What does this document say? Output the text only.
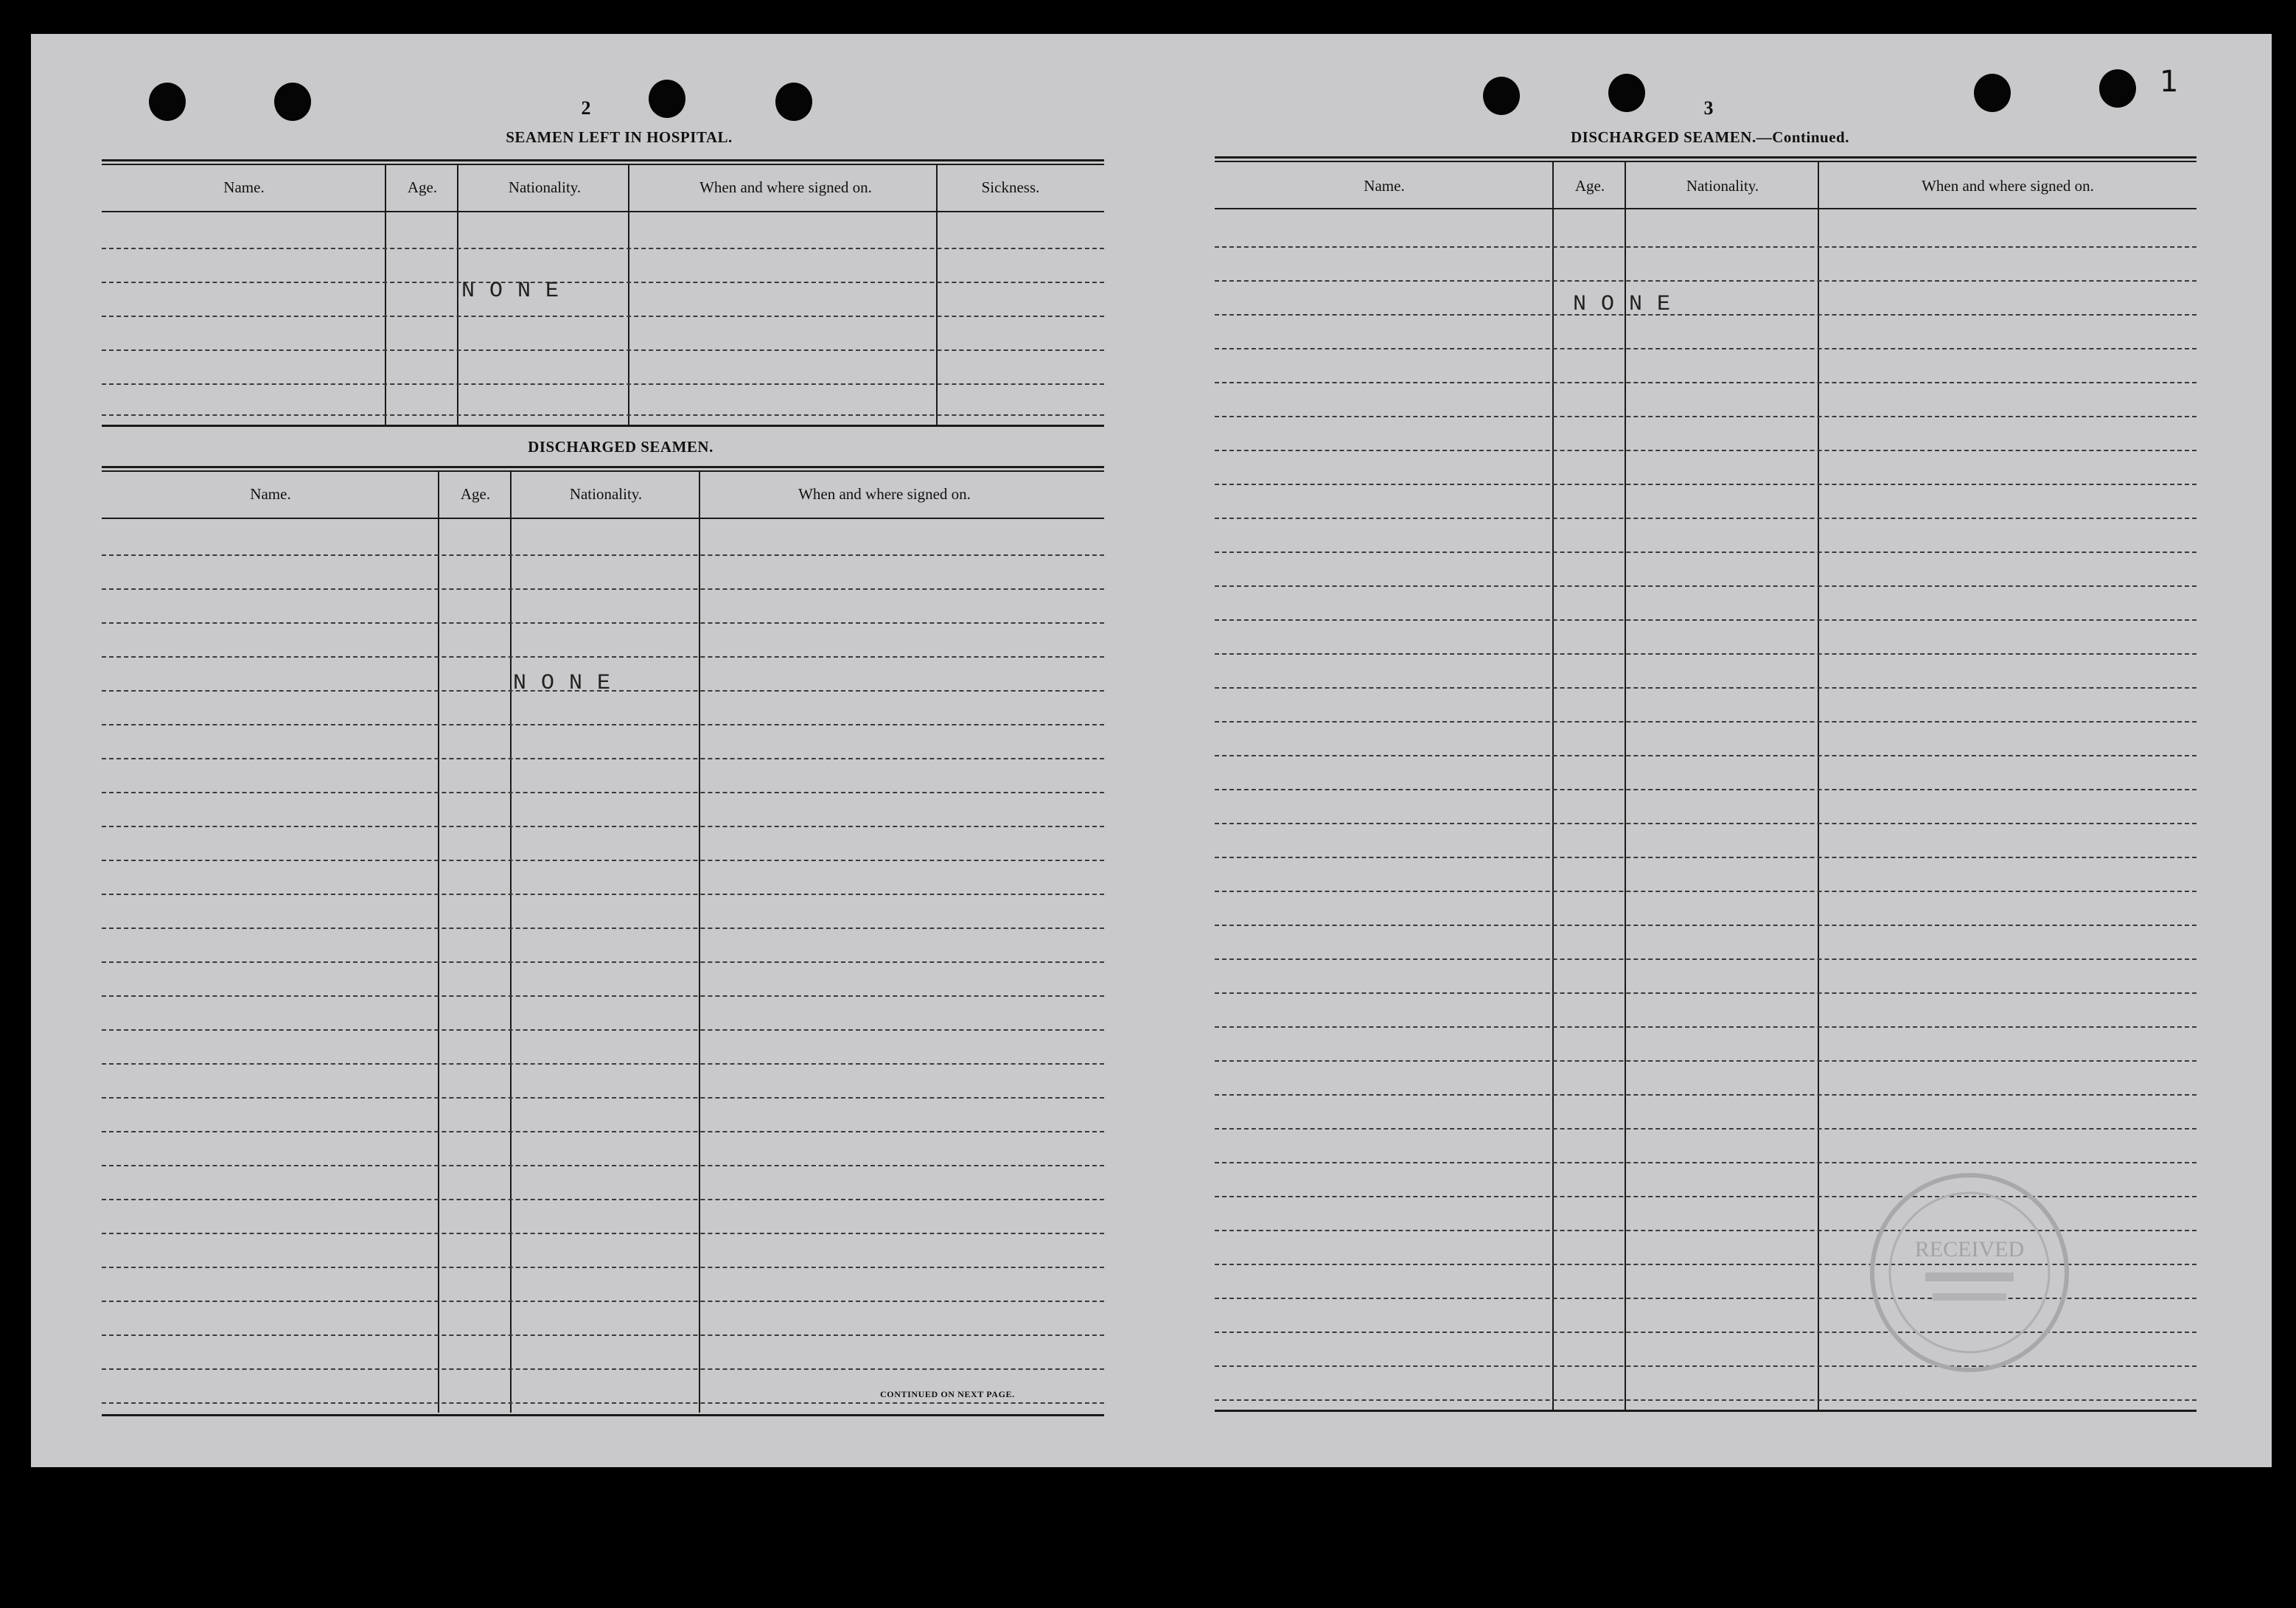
2
SEAMEN LEFT IN HOSPITAL.
Name.	Age.	Nationality.	When and where signed on.	Sickness.
N O N E
DISCHARGED SEAMEN.
Name.	Age.	Nationality.	When and where signed on.
N O N E
CONTINUED ON NEXT PAGE.
3
DISCHARGED SEAMEN.—Continued.
Name.	Age.	Nationality.	When and where signed on.
N O N E
RECEIVED
1
